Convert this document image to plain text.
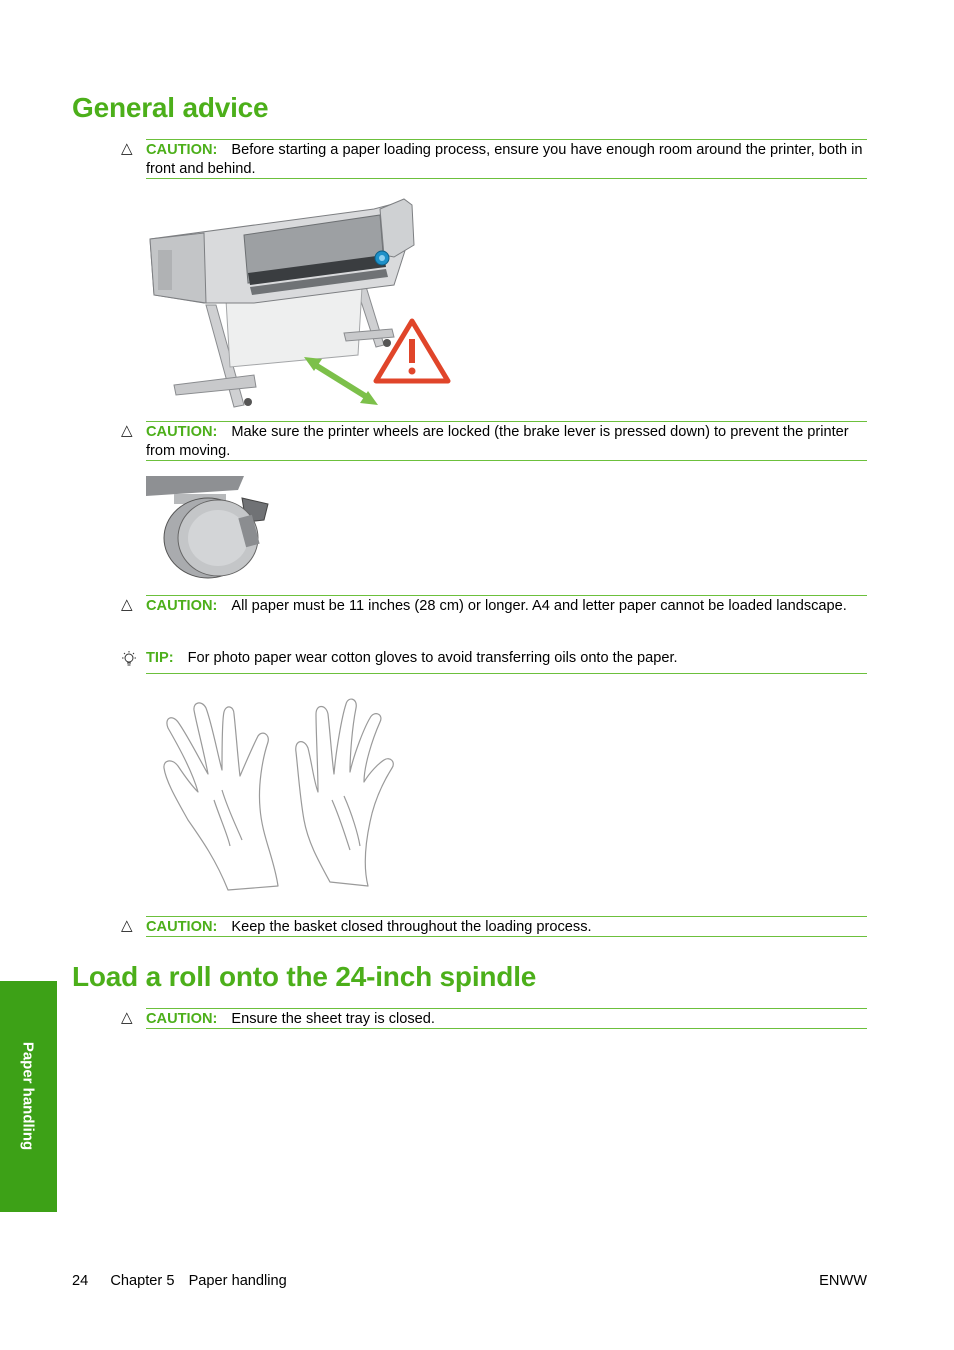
General advice
△ CAUTION: Before starting a paper loading process, ensure you have enough room around the printer, both in front and behind.
△ CAUTION: Make sure the printer wheels are locked (the brake lever is pressed down) to prevent the printer from moving.
△ CAUTION: All paper must be 11 inches (28 cm) or longer. A4 and letter paper cannot be loaded landscape.
TIP: For photo paper wear cotton gloves to avoid transferring oils onto the paper.
△ CAUTION: Keep the basket closed throughout the loading process.
Load a roll onto the 24-inch spindle
△ CAUTION: Ensure the sheet tray is closed.
Paper handling
24 Chapter 5 Paper handling	ENWW
